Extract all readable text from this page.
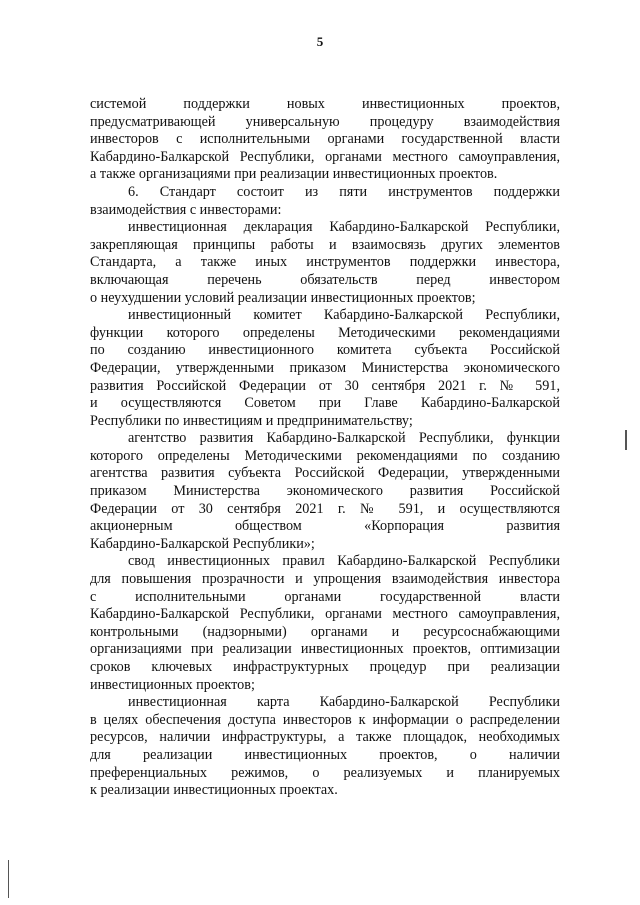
5
системой поддержки новых инвестиционных проектов,
предусматривающей универсальную процедуру взаимодействия
инвесторов с исполнительными органами государственной власти
Кабардино-Балкарской Республики, органами местного самоуправления,
а также организациями при реализации инвестиционных проектов.
6. Стандарт состоит из пяти инструментов поддержки
взаимодействия с инвесторами:
инвестиционная декларация Кабардино-Балкарской Республики,
закрепляющая принципы работы и взаимосвязь других элементов
Стандарта, а также иных инструментов поддержки инвестора,
включающая перечень обязательств перед инвестором
о неухудшении условий реализации инвестиционных проектов;
инвестиционный комитет Кабардино-Балкарской Республики,
функции которого определены Методическими рекомендациями
по созданию инвестиционного комитета субъекта Российской
Федерации, утвержденными приказом Министерства экономического
развития Российской Федерации от 30 сентября 2021 г. № 591,
и осуществляются Советом при Главе Кабардино-Балкарской
Республики по инвестициям и предпринимательству;
агентство развития Кабардино-Балкарской Республики, функции
которого определены Методическими рекомендациями по созданию
агентства развития субъекта Российской Федерации, утвержденными
приказом Министерства экономического развития Российской
Федерации от 30 сентября 2021 г. № 591, и осуществляются
акционерным обществом «Корпорация развития
Кабардино-Балкарской Республики»;
свод инвестиционных правил Кабардино-Балкарской Республики
для повышения прозрачности и упрощения взаимодействия инвестора
с исполнительными органами государственной власти
Кабардино-Балкарской Республики, органами местного самоуправления,
контрольными (надзорными) органами и ресурсоснабжающими
организациями при реализации инвестиционных проектов, оптимизации
сроков ключевых инфраструктурных процедур при реализации
инвестиционных проектов;
инвестиционная карта Кабардино-Балкарской Республики
в целях обеспечения доступа инвесторов к информации о распределении
ресурсов, наличии инфраструктуры, а также площадок, необходимых
для реализации инвестиционных проектов, о наличии
преференциальных режимов, о реализуемых и планируемых
к реализации инвестиционных проектах.
